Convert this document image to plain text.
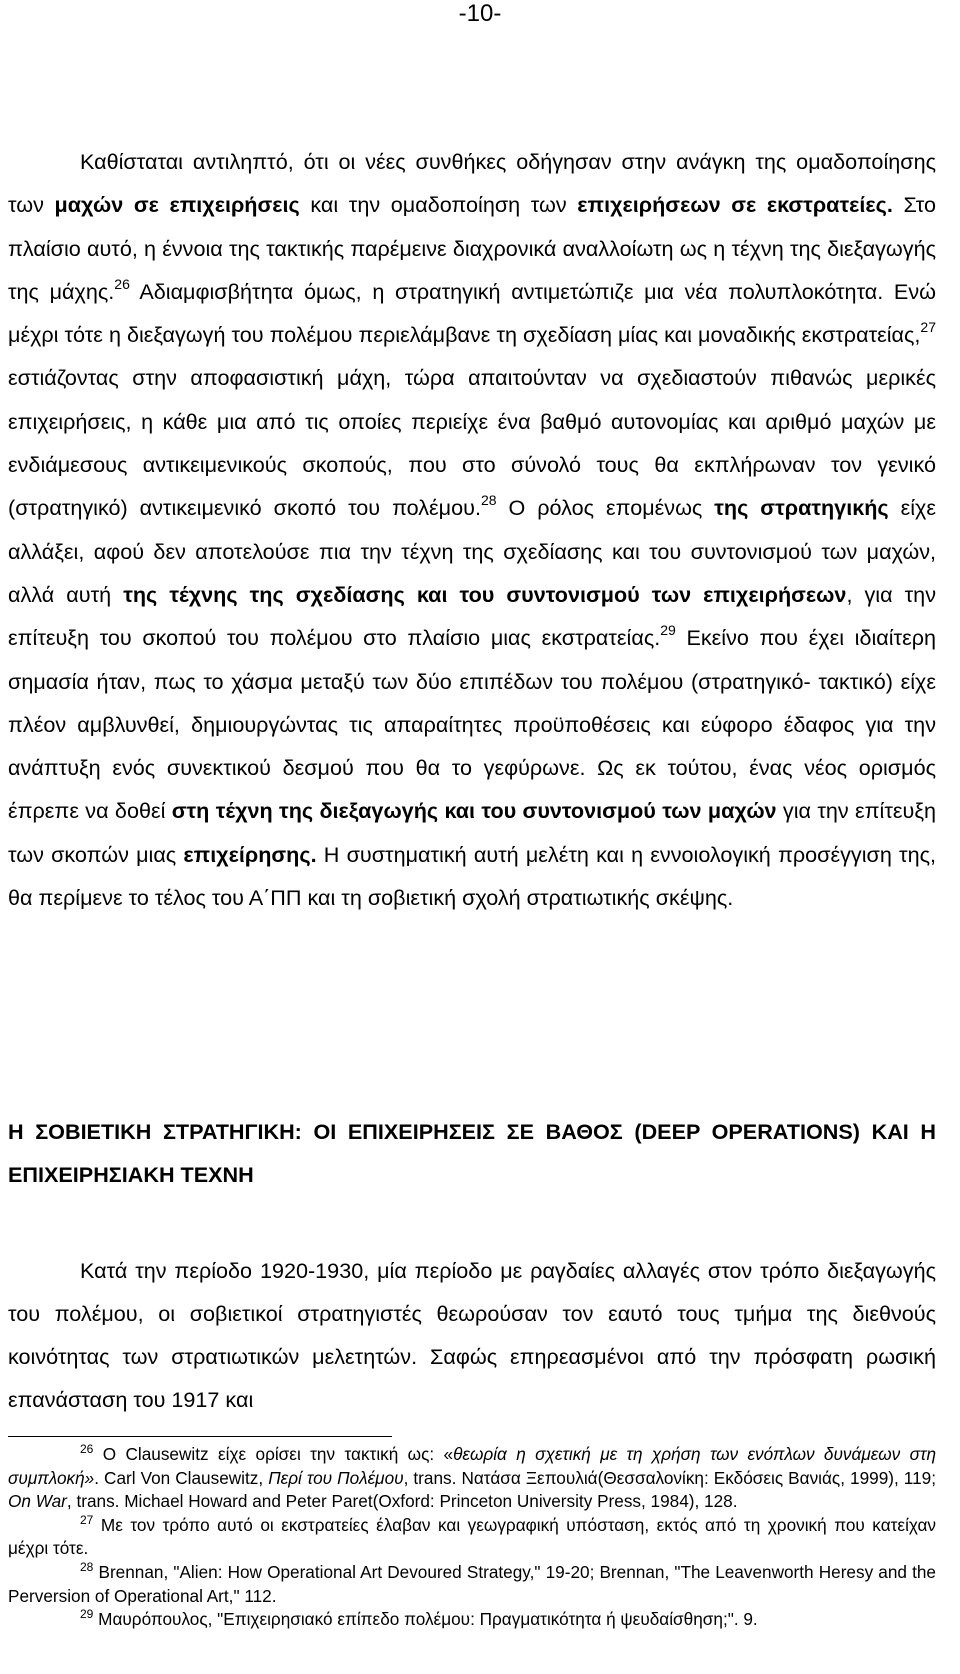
-10-

Καθίσταται αντιληπτό, ότι οι νέες συνθήκες οδήγησαν στην ανάγκη της ομαδοποίησης των μαχών σε επιχειρήσεις και την ομαδοποίηση των επιχειρήσεων σε εκστρατείες. Στο πλαίσιο αυτό, η έννοια της τακτικής παρέμεινε διαχρονικά αναλλοίωτη ως η τέχνη της διεξαγωγής της μάχης.$^{26}$ Αδιαμφισβήτητα όμως, η στρατηγική αντιμετώπιζε μια νέα πολυπλοκότητα. Ενώ μέχρι τότε η διεξαγωγή του πολέμου περιελάμβανε τη σχεδίαση μίας και μοναδικής εκστρατείας,$^{27}$ εστιάζοντας στην αποφασιστική μάχη, τώρα απαιτούνταν να σχεδιαστούν πιθανώς μερικές επιχειρήσεις, η κάθε μια από τις οποίες περιείχε ένα βαθμό αυτονομίας και αριθμό μαχών με ενδιάμεσους αντικειμενικούς σκοπούς, που στο σύνολό τους θα εκπλήρωναν τον γενικό (στρατηγικό) αντικειμενικό σκοπό του πολέμου.$^{28}$ Ο ρόλος επομένως της στρατηγικής είχε αλλάξει, αφού δεν αποτελούσε πια την τέχνη της σχεδίασης και του συντονισμού των μαχών, αλλά αυτή της τέχνης της σχεδίασης και του συντονισμού των επιχειρήσεων, για την επίτευξη του σκοπού του πολέμου στο πλαίσιο μιας εκστρατείας.$^{29}$ Εκείνο που έχει ιδιαίτερη σημασία ήταν, πως το χάσμα μεταξύ των δύο επιπέδων του πολέμου (στρατηγικό- τακτικό) είχε πλέον αμβλυνθεί, δημιουργώντας τις απαραίτητες προϋποθέσεις και εύφορο έδαφος για την ανάπτυξη ενός συνεκτικού δεσμού που θα το γεφύρωνε. Ως εκ τούτου, ένας νέος ορισμός έπρεπε να δοθεί στη τέχνη της διεξαγωγής και του συντονισμού των μαχών για την επίτευξη των σκοπών μιας επιχείρησης. Η συστηματική αυτή μελέτη και η εννοιολογική προσέγγιση της, θα περίμενε το τέλος του Α΄ΠΠ και τη σοβιετική σχολή στρατιωτικής σκέψης.

Η ΣΟΒΙΕΤΙΚΗ ΣΤΡΑΤΗΓΙΚΗ: ΟΙ ΕΠΙΧΕΙΡΗΣΕΙΣ ΣΕ ΒΑΘΟΣ (DEEP OPERATIONS) ΚΑΙ Η ΕΠΙΧΕΙΡΗΣΙΑΚΗ ΤΕΧΝΗ

Κατά την περίοδο 1920-1930, μία περίοδο με ραγδαίες αλλαγές στον τρόπο διεξαγωγής του πολέμου, οι σοβιετικοί στρατηγιστές θεωρούσαν τον εαυτό τους τμήμα της διεθνούς κοινότητας των στρατιωτικών μελετητών. Σαφώς επηρεασμένοι από την πρόσφατη ρωσική επανάσταση του 1917 και

$^{26}$ Ο Clausewitz είχε ορίσει την τακτική ως: «θεωρία η σχετική με τη χρήση των ενόπλων δυνάμεων στη συμπλοκή». Carl Von Clausewitz, Περί του Πολέμου, trans. Νατάσα Ξεπουλιά(Θεσσαλονίκη: Εκδόσεις Βανιάς, 1999), 119; On War, trans. Michael Howard and Peter Paret(Oxford: Princeton University Press, 1984), 128.

$^{27}$ Με τον τρόπο αυτό οι εκστρατείες έλαβαν και γεωγραφική υπόσταση, εκτός από τη χρονική που κατείχαν μέχρι τότε.

$^{28}$ Brennan, "Alien: How Operational Art Devoured Strategy," 19-20; Brennan, "The Leavenworth Heresy and the Perversion of Operational Art," 112.

$^{29}$ Μαυρόπουλος, "Επιχειρησιακό επίπεδο πολέμου: Πραγματικότητα ή ψευδαίσθηση;". 9.
